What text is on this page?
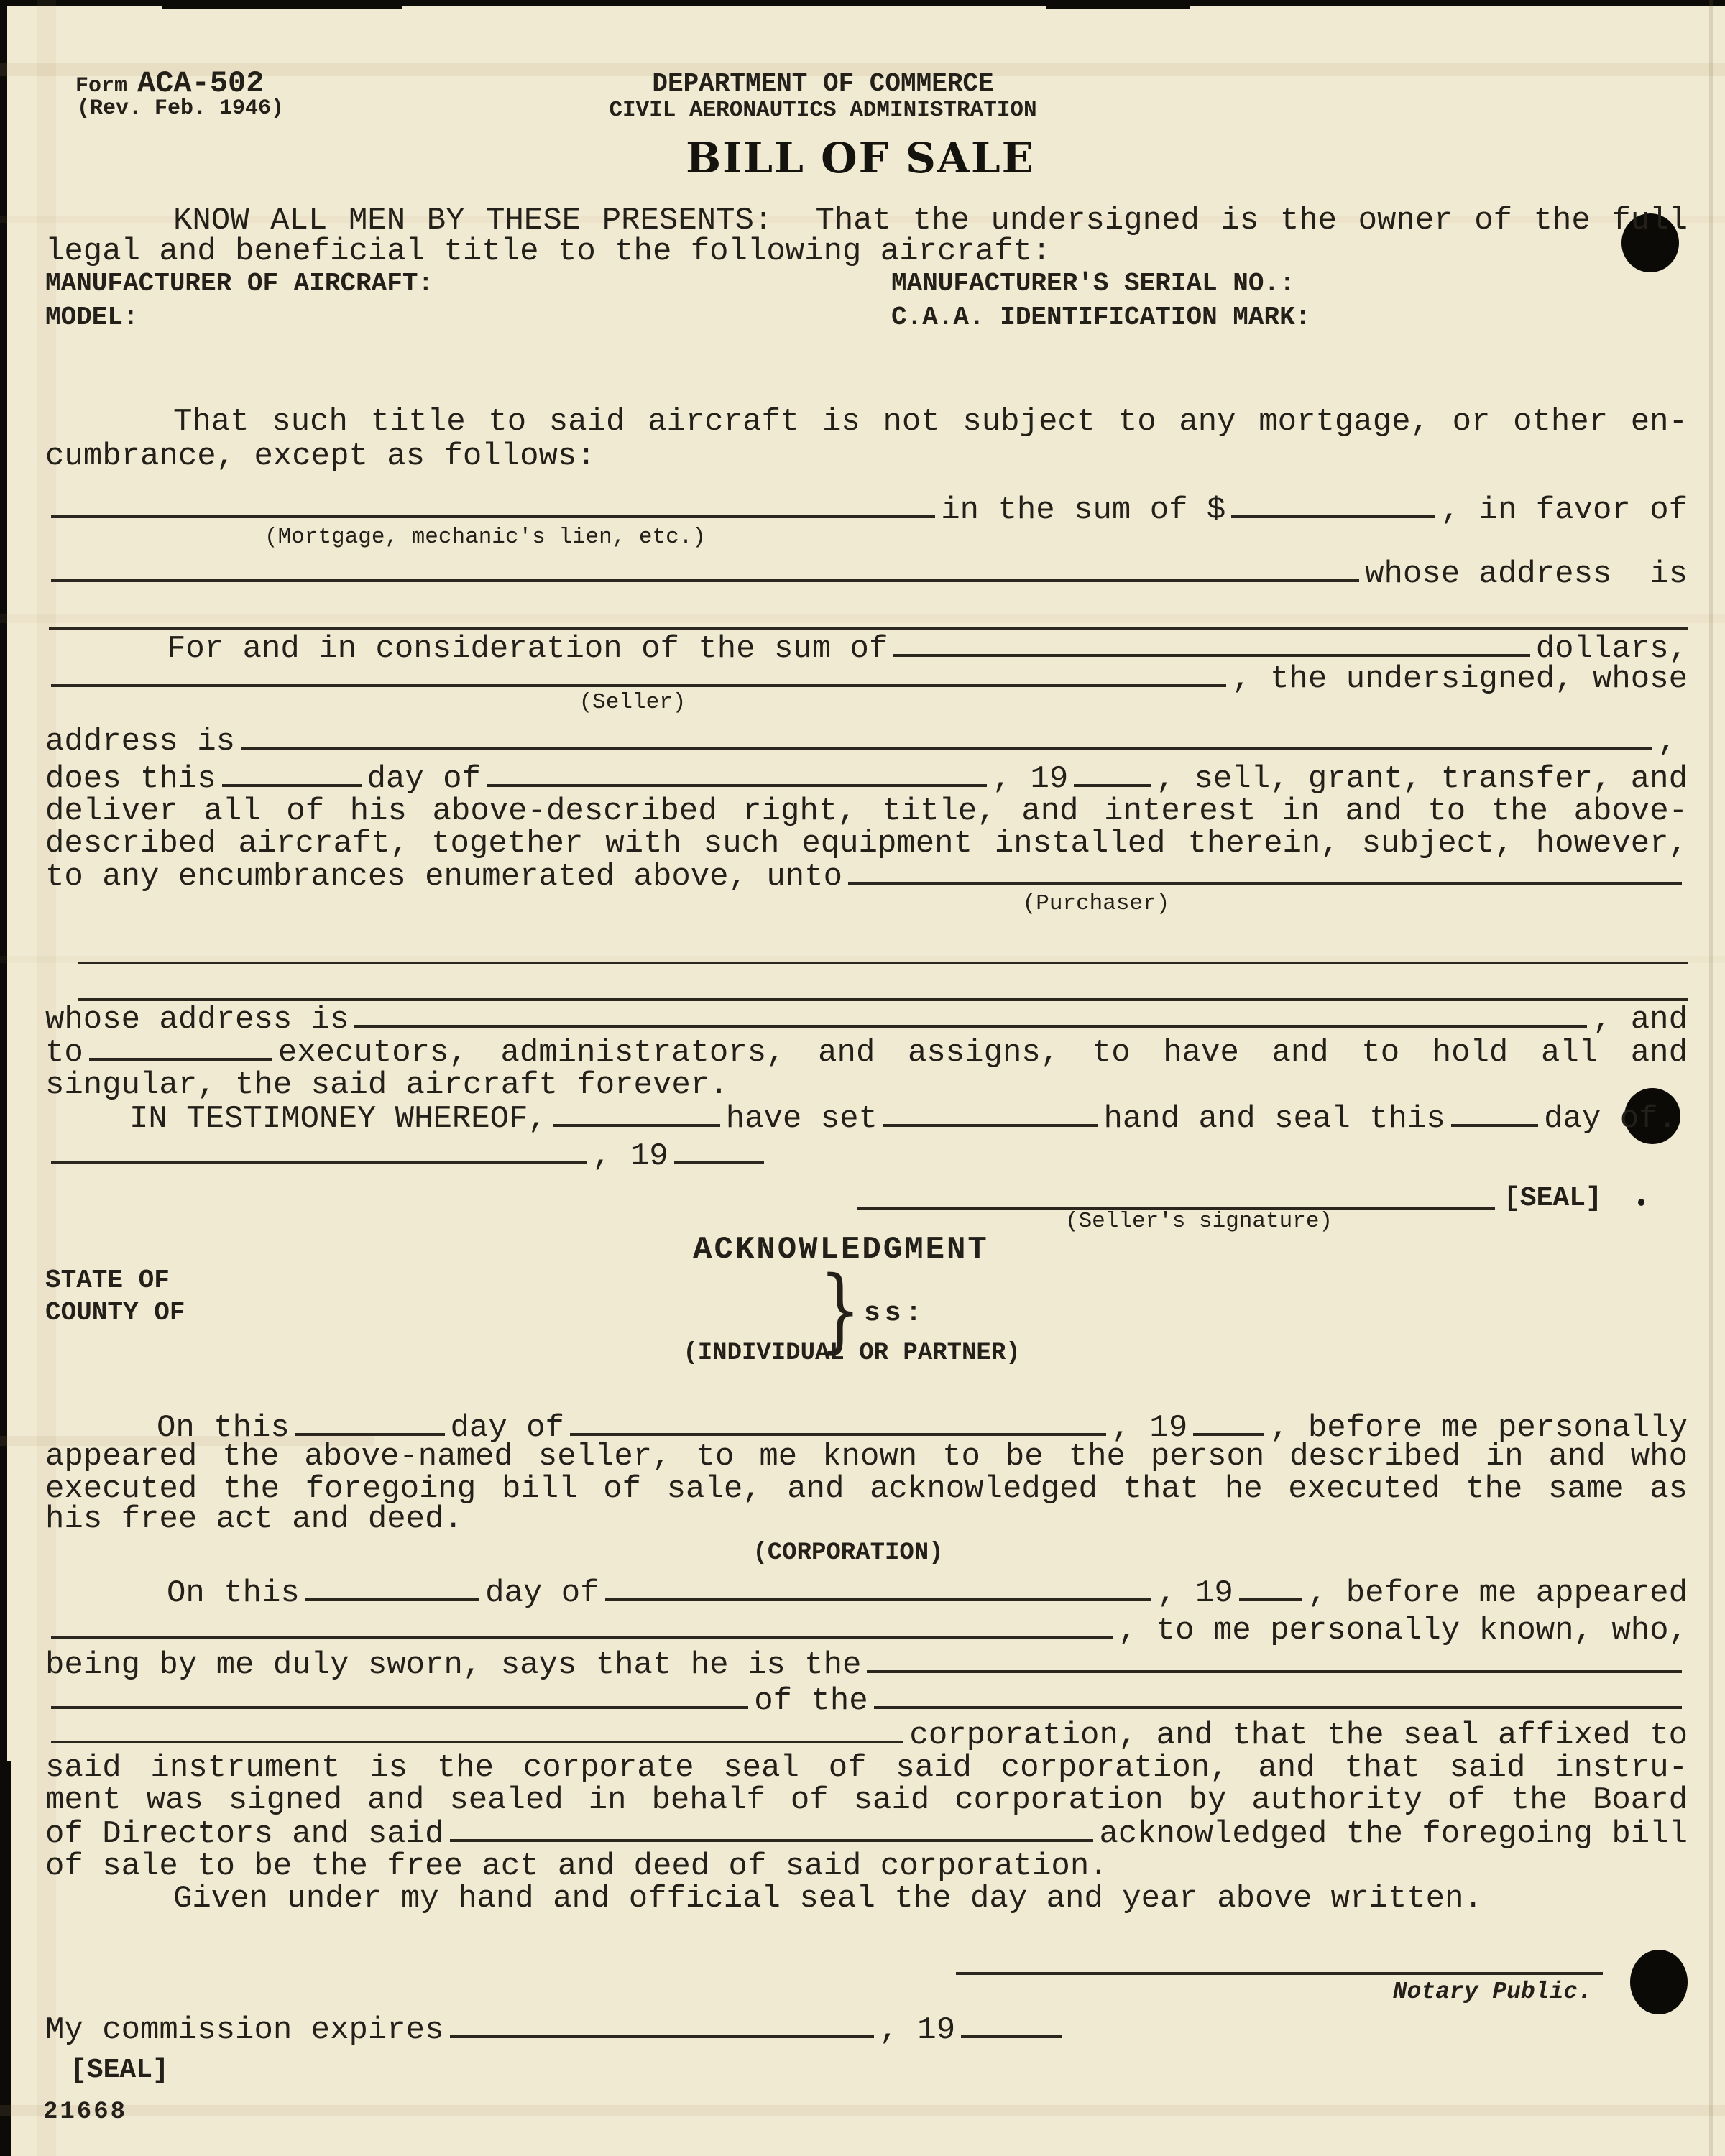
Form ACA-502
(Rev. Feb. 1946)
DEPARTMENT OF COMMERCE
CIVIL AERONAUTICS ADMINISTRATION
BILL OF SALE
KNOW ALL MEN BY THESE PRESENTS:  That the undersigned is the owner of the full
legal and beneficial title to the following aircraft:
MANUFACTURER OF AIRCRAFT:	MANUFACTURER'S SERIAL NO.:
MODEL:	C.A.A. IDENTIFICATION MARK:
That such title to said aircraft is not subject to any mortgage, or other en-
cumbrance, except as follows:
in the sum of $	, in favor of
(Mortgage, mechanic's lien, etc.)
whose address  is
For and in consideration of the sum of	dollars,
, the undersigned, whose
(Seller)
address is	,
does this	day of	, 19	, sell, grant, transfer, and
deliver all of his above-described right, title, and interest in and to the above-
described aircraft, together with such equipment installed therein, subject, however,
to any encumbrances enumerated above, unto
(Purchaser)
whose address is	, and
to	executors, administrators, and assigns, to have and to hold all and
singular, the said aircraft forever.
IN TESTIMONEY WHEREOF,	have set	hand and seal this	day of.
, 19
[SEAL]
(Seller's signature)
ACKNOWLEDGMENT
STATE OF
COUNTY OF	} ss:
(INDIVIDUAL OR PARTNER)
On this	day of	, 19	, before me personally
appeared the above-named seller, to me known to be the person described in and who
executed the foregoing bill of sale, and acknowledged that he executed the same as
his free act and deed.
(CORPORATION)
On this	day of	, 19 , before me appeared
, to me personally known, who,
being by me duly sworn, says that he is the
of the
corporation, and that the seal affixed to
said instrument is the corporate seal of said corporation, and that said instru-
ment was signed and sealed in behalf of said corporation by authority of the Board
of Directors and said	acknowledged the foregoing bill
of sale to be the free act and deed of said corporation.
Given under my hand and official seal the day and year above written.
Notary Public.
My commission expires	, 19
[SEAL]
21668
